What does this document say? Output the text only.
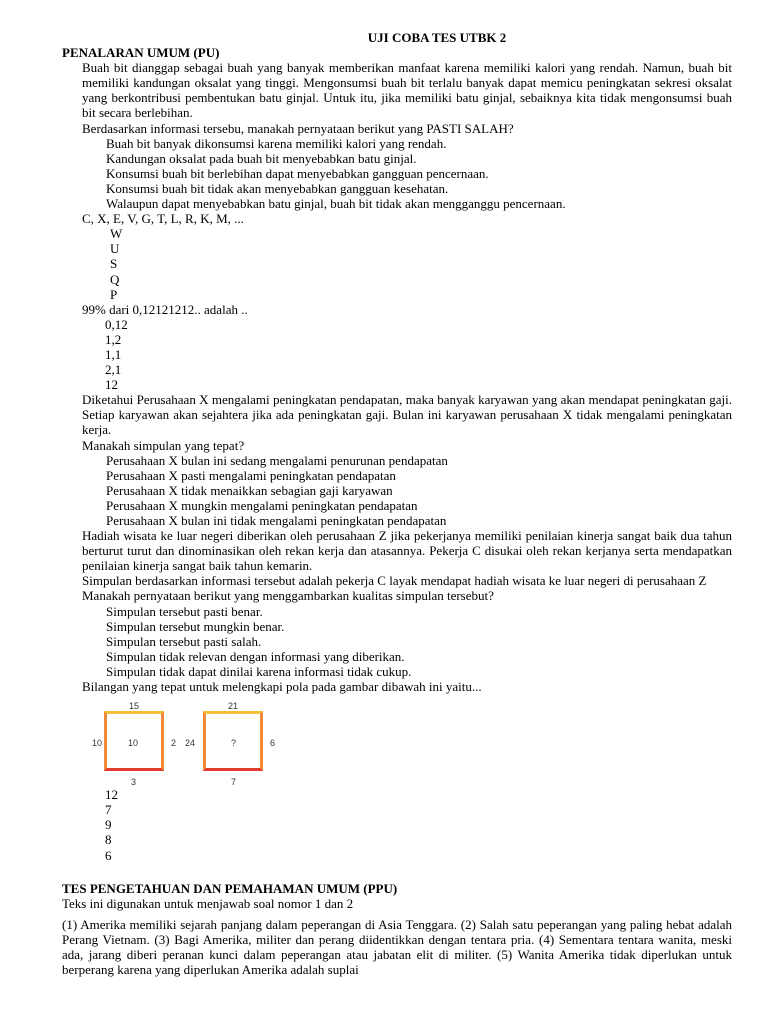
UJI COBA TES UTBK 2

PENALARAN UMUM (PU)

Buah bit dianggap sebagai buah yang banyak memberikan manfaat karena memiliki kalori yang rendah. Namun, buah bit memiliki kandungan oksalat yang tinggi. Mengonsumsi buah bit terlalu banyak dapat memicu peningkatan sekresi oksalat yang berkontribusi pembentukan batu ginjal. Untuk itu, jika memiliki batu ginjal, sebaiknya kita tidak mengonsumsi buah bit secara berlebihan.

Berdasarkan informasi tersebu, manakah pernyataan berikut yang PASTI SALAH?

Buah bit banyak dikonsumsi karena memiliki kalori yang rendah.

Kandungan oksalat pada buah bit menyebabkan batu ginjal.

Konsumsi buah bit berlebihan dapat menyebabkan gangguan pencernaan.

Konsumsi buah bit tidak akan menyebabkan gangguan kesehatan.

Walaupun dapat menyebabkan batu ginjal, buah bit tidak akan mengganggu pencernaan.

C, X, E, V, G, T, L, R, K, M, ...

W

U

S

Q

P

99% dari 0,12121212.. adalah ..

0,12

1,2

1,1

2,1

12

Diketahui Perusahaan X mengalami peningkatan pendapatan, maka banyak karyawan yang akan mendapat peningkatan gaji. Setiap karyawan akan sejahtera jika ada peningkatan gaji. Bulan ini karyawan perusahaan X tidak mengalami peningkatan kerja.

Manakah simpulan yang tepat?

Perusahaan X bulan ini sedang mengalami penurunan pendapatan

Perusahaan X pasti mengalami peningkatan pendapatan

Perusahaan X tidak menaikkan sebagian gaji karyawan

Perusahaan X mungkin mengalami peningkatan pendapatan

Perusahaan X bulan ini tidak mengalami peningkatan pendapatan

Hadiah wisata ke luar negeri diberikan oleh perusahaan Z jika pekerjanya memiliki penilaian kinerja sangat baik dua tahun berturut turut dan dinominasikan oleh rekan kerja dan atasannya. Pekerja C disukai oleh rekan kerjanya serta mendapatkan penilaian kinerja sangat baik tahun kemarin.

Simpulan berdasarkan informasi tersebut adalah pekerja C layak mendapat hadiah wisata ke luar negeri di perusahaan Z

Manakah pernyataan berikut yang menggambarkan kualitas simpulan tersebut?

Simpulan tersebut pasti benar.

Simpulan tersebut mungkin benar.

Simpulan tersebut pasti salah.

Simpulan tidak relevan dengan informasi yang diberikan.

Simpulan tidak dapat dinilai karena informasi tidak cukup.

Bilangan yang tepat untuk melengkapi pola pada gambar dibawah ini yaitu...

15
10	10	2
3
21
24	?	6
7

12

7

9

8

6

TES PENGETAHUAN DAN PEMAHAMAN UMUM (PPU)

Teks ini digunakan untuk menjawab soal nomor 1 dan 2

(1) Amerika memiliki sejarah panjang dalam peperangan di Asia Tenggara. (2) Salah satu peperangan yang paling hebat adalah Perang Vietnam. (3) Bagi Amerika, militer dan perang diidentikkan dengan tentara pria. (4) Sementara tentara wanita, meski ada, jarang diberi peranan kunci dalam peperangan atau jabatan elit di militer. (5) Wanita Amerika tidak diperlukan untuk berperang karena yang diperlukan Amerika adalah suplai
